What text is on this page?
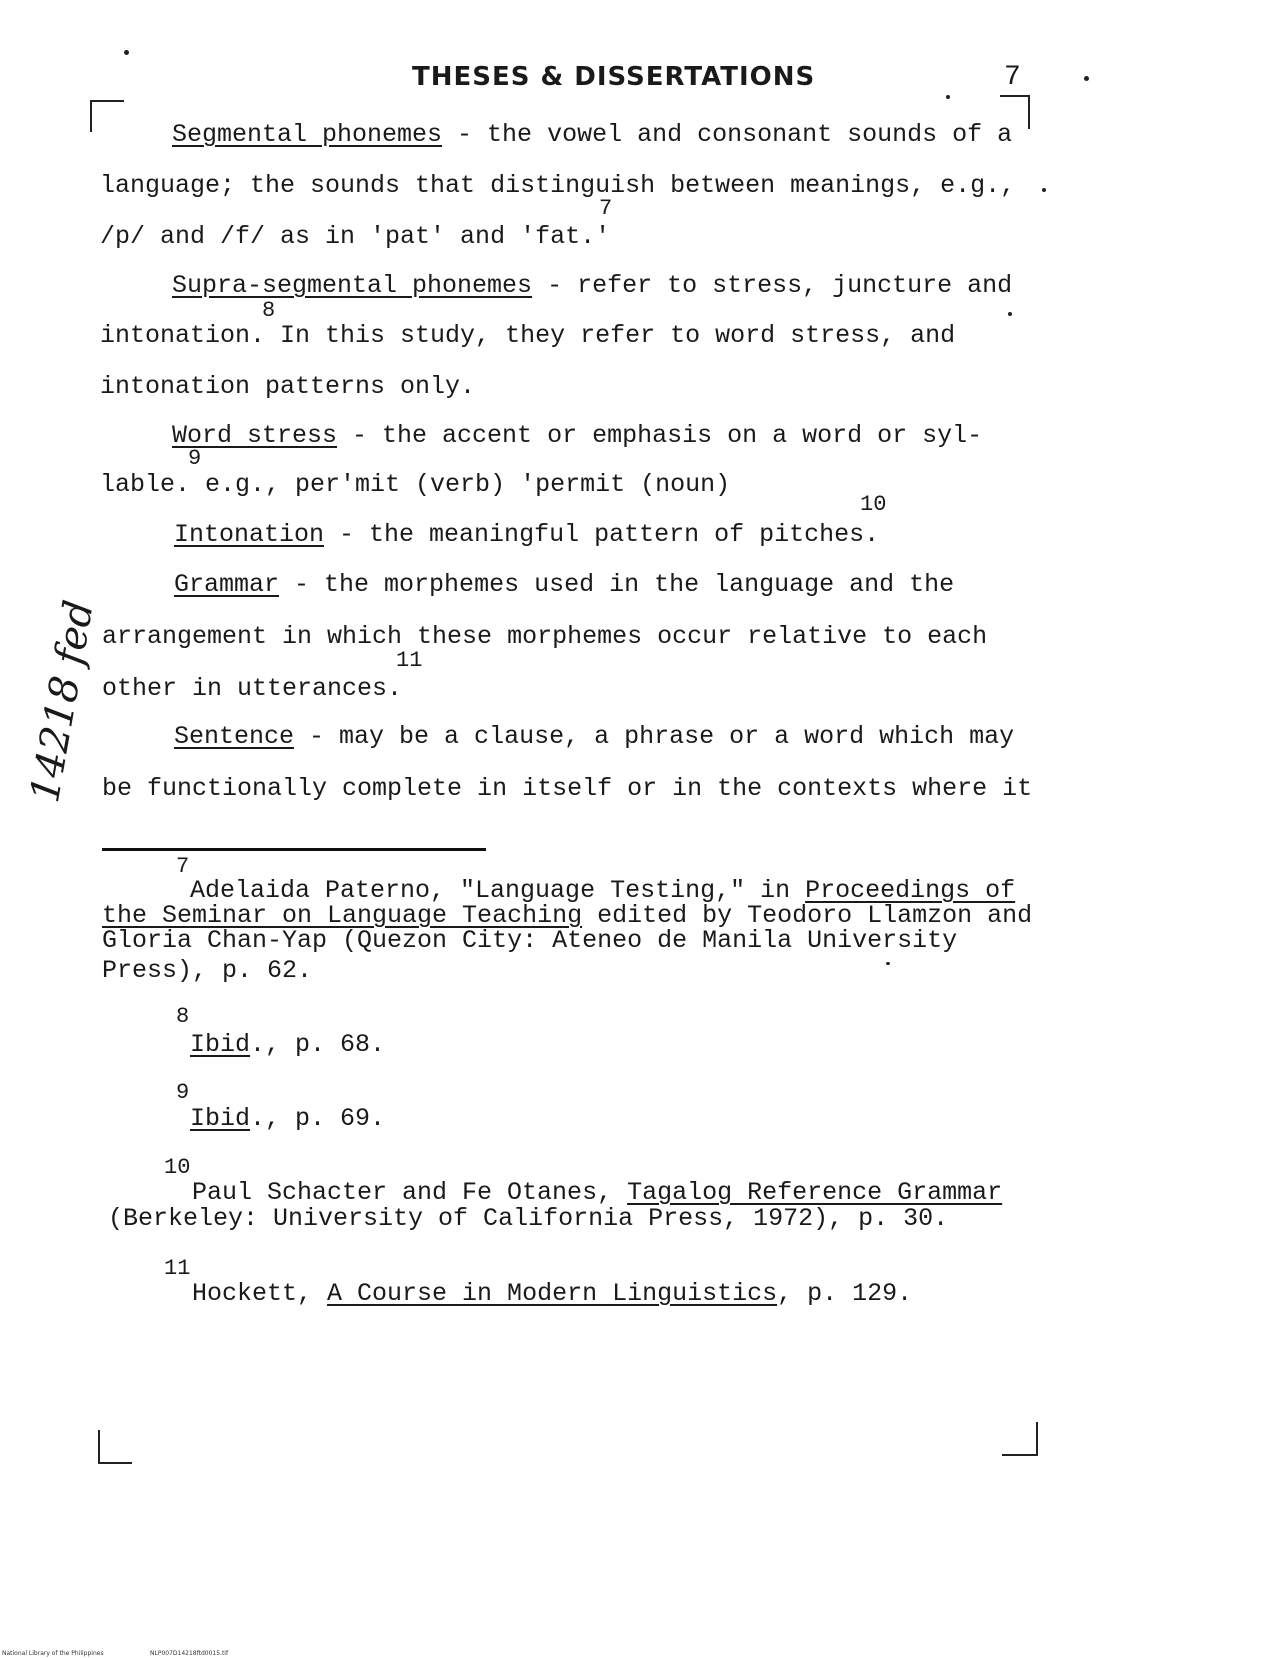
THESES & DISSERTATIONS	7
Segmental phonemes - the vowel and consonant sounds of a
language; the sounds that distinguish between meanings, e.g.,
7
/p/ and /f/ as in 'pat' and 'fat.'
Supra-segmental phonemes - refer to stress, juncture and
8
intonation. In this study, they refer to word stress, and
intonation patterns only.
Word stress - the accent or emphasis on a word or syl-
9
lable. e.g., per'mit (verb) 'permit (noun)
10
Intonation - the meaningful pattern of pitches.
Grammar - the morphemes used in the language and the
arrangement in which these morphemes occur relative to each
11
other in utterances.
Sentence - may be a clause, a phrase or a word which may
be functionally complete in itself or in the contexts where it
14218 fed
7
Adelaida Paterno, "Language Testing," in Proceedings of
the Seminar on Language Teaching edited by Teodoro Llamzon and
Gloria Chan-Yap (Quezon City: Ateneo de Manila University
Press), p. 62.
8
Ibid., p. 68.
9
Ibid., p. 69.
10
Paul Schacter and Fe Otanes, Tagalog Reference Grammar
(Berkeley: University of California Press, 1972), p. 30.
11
Hockett, A Course in Modern Linguistics, p. 129.
National Library of the Philippines	NLP007D14218ftd0015.tif
